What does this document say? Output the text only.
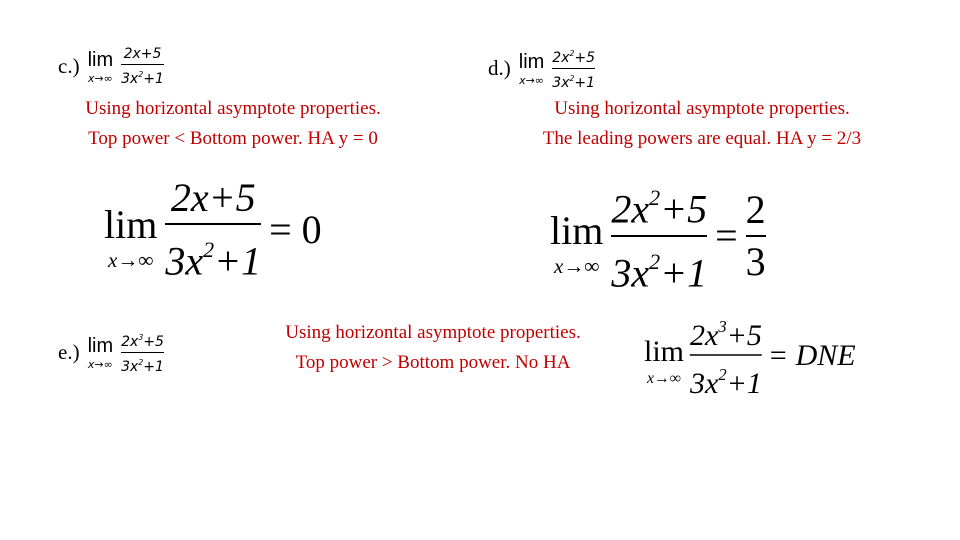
c.) lim
$x\to\infty \frac{2x+5}{3x^2+1}$
Using horizontal asymptote properties.
Top power < Bottom power. HA y = 0
lim
$x\to\infty \frac{2x+5}{3x^2+1} = 0$
d.) lim
$x\to\infty \frac{2x^2+5}{3x^2+1}$
Using horizontal asymptote properties.
The leading powers are equal. HA y = 2/3
lim
$x\to\infty \frac{2x^2+5}{3x^2+1} = \frac{2}{3}$
e.) lim
$x\to\infty \frac{2x^3+5}{3x^2+1}$	Using horizontal asymptote properties.
Top power > Bottom power. No HA	lim
$x\to\infty \frac{2x^3+5}{3x^2+1}$ = DNE
